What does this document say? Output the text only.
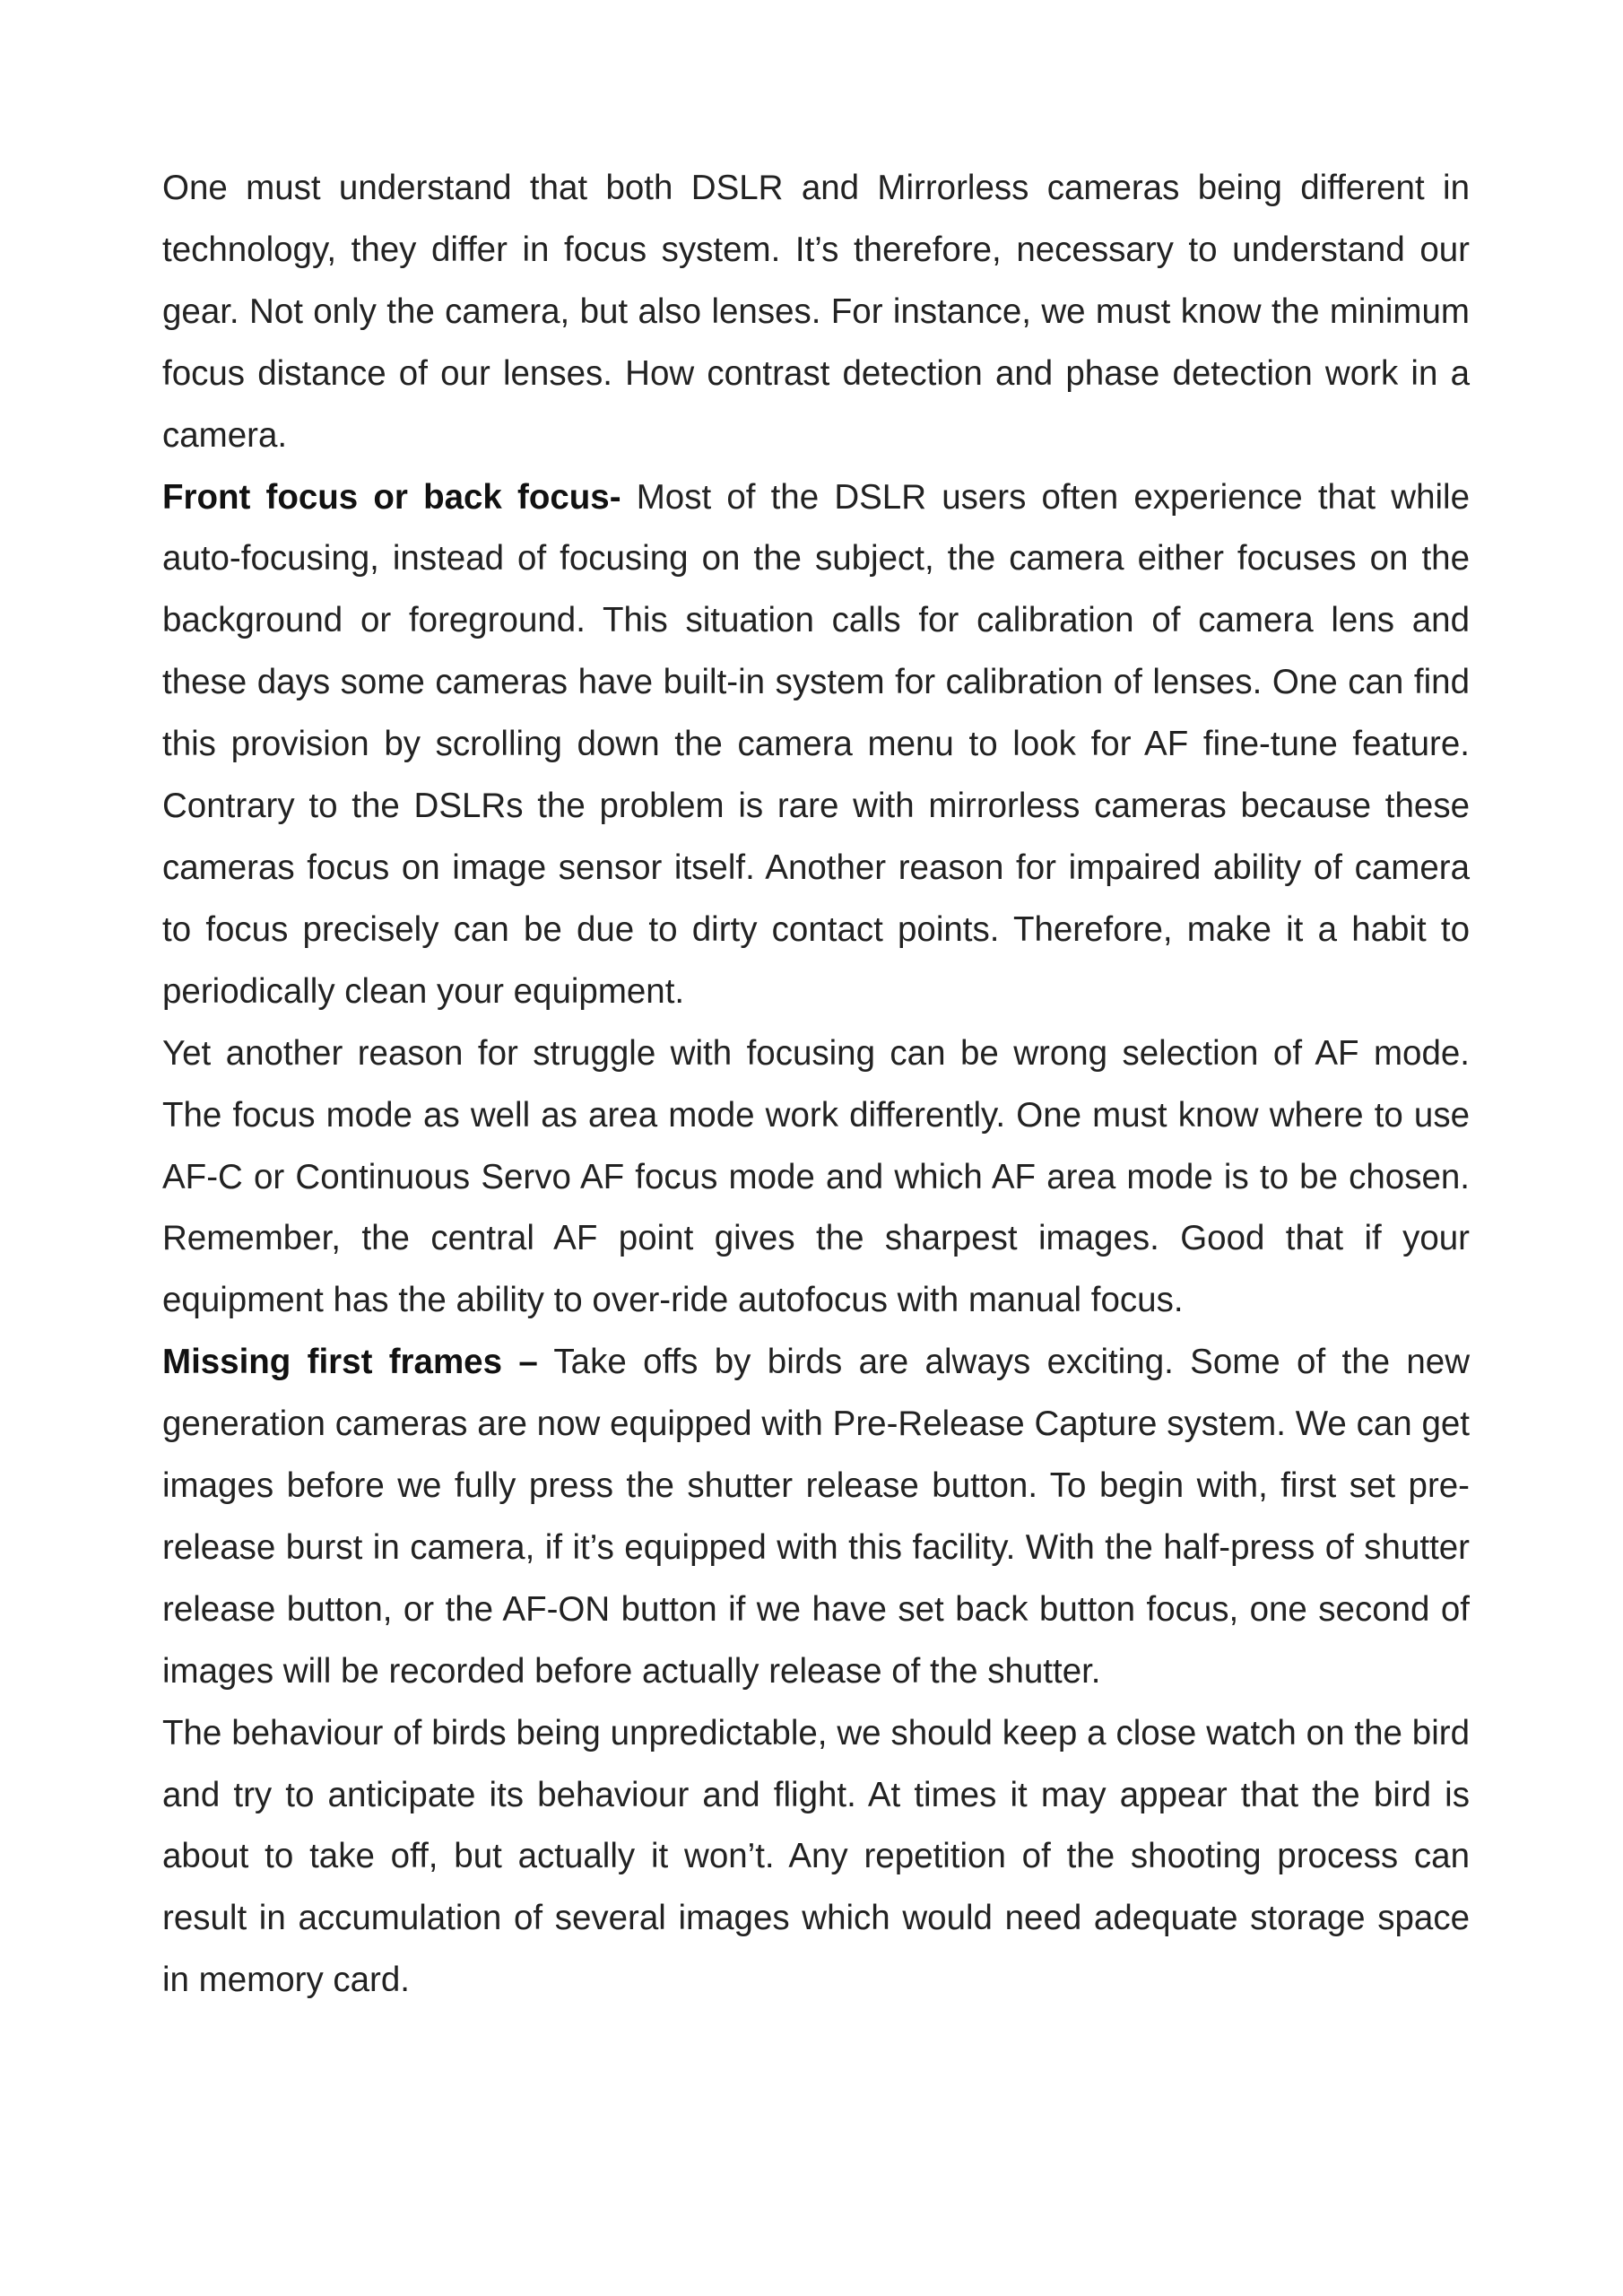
One must understand that both DSLR and Mirrorless cameras being different in technology, they differ in focus system. It’s therefore, necessary to understand our gear. Not only the camera, but also lenses. For instance, we must know the minimum focus distance of our lenses. How contrast detection and phase detection work in a camera.

Front focus or back focus- Most of the DSLR users often experience that while auto-focusing, instead of focusing on the subject, the camera either focuses on the background or foreground. This situation calls for calibration of camera lens and these days some cameras have built-in system for calibration of lenses. One can find this provision by scrolling down the camera menu to look for AF fine-tune feature. Contrary to the DSLRs the problem is rare with mirrorless cameras because these cameras focus on image sensor itself. Another reason for impaired ability of camera to focus precisely can be due to dirty contact points. Therefore, make it a habit to periodically clean your equipment.

Yet another reason for struggle with focusing can be wrong selection of AF mode. The focus mode as well as area mode work differently. One must know where to use AF-C or Continuous Servo AF focus mode and which AF area mode is to be chosen. Remember, the central AF point gives the sharpest images. Good that if your equipment has the ability to over-ride autofocus with manual focus.

Missing first frames – Take offs by birds are always exciting. Some of the new generation cameras are now equipped with Pre-Release Capture system. We can get images before we fully press the shutter release button. To begin with, first set pre-release burst in camera, if it’s equipped with this facility. With the half-press of shutter release button, or the AF-ON button if we have set back button focus, one second of images will be recorded before actually release of the shutter.

The behaviour of birds being unpredictable, we should keep a close watch on the bird and try to anticipate its behaviour and flight. At times it may appear that the bird is about to take off, but actually it won’t. Any repetition of the shooting process can result in accumulation of several images which would need adequate storage space in memory card.
